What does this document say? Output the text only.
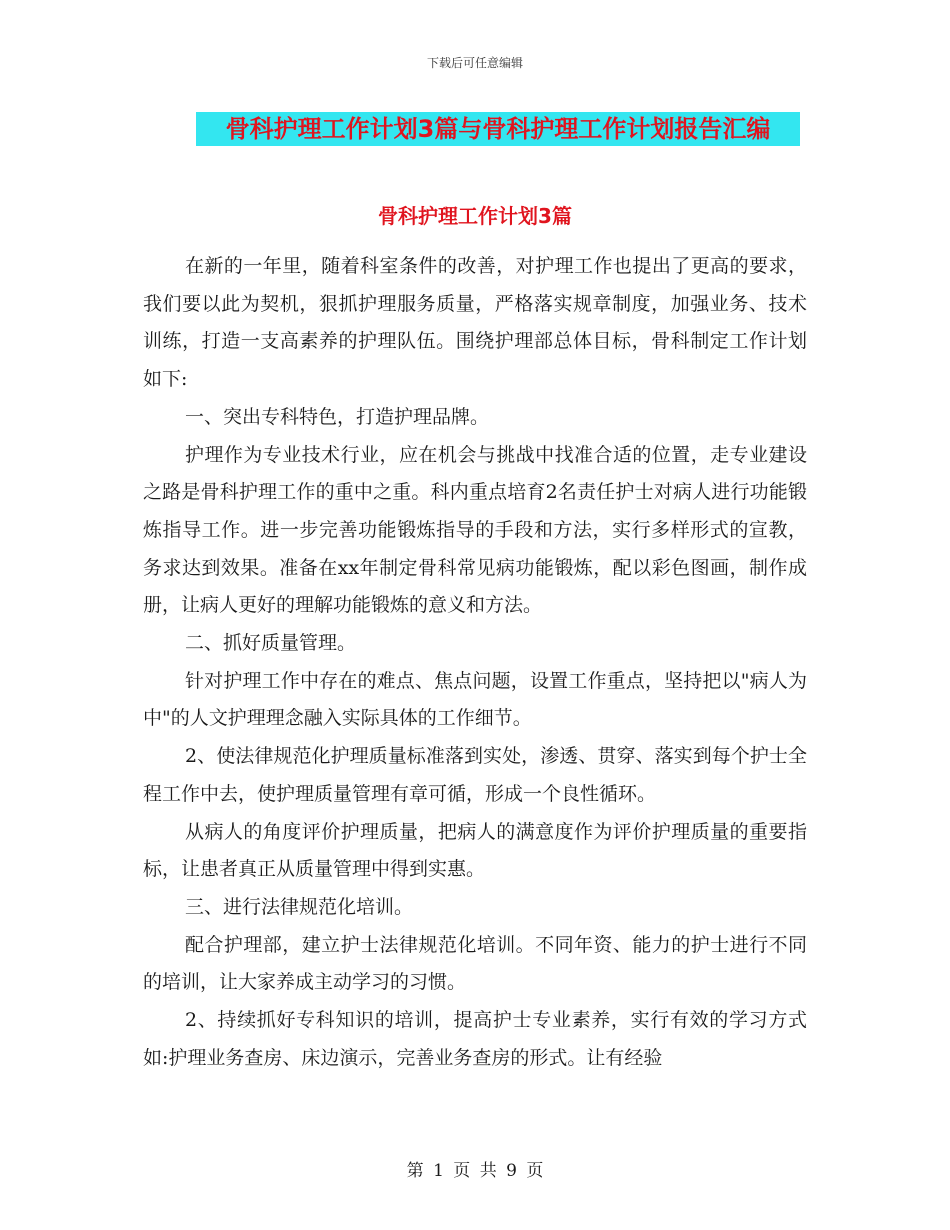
下载后可任意编辑
骨科护理工作计划3篇与骨科护理工作计划报告汇编
骨科护理工作计划3篇

在新的一年里，随着科室条件的改善，对护理工作也提出了更高的要求，我们要以此为契机，狠抓护理服务质量，严格落实规章制度，加强业务、技术训练，打造一支高素养的护理队伍。围绕护理部总体目标，骨科制定工作计划如下:

一、突出专科特色，打造护理品牌。

护理作为专业技术行业，应在机会与挑战中找准合适的位置，走专业建设之路是骨科护理工作的重中之重。科内重点培育2名责任护士对病人进行功能锻炼指导工作。进一步完善功能锻炼指导的手段和方法，实行多样形式的宣教，务求达到效果。准备在xx年制定骨科常见病功能锻炼，配以彩色图画，制作成册，让病人更好的理解功能锻炼的意义和方法。

二、抓好质量管理。

针对护理工作中存在的难点、焦点问题，设置工作重点，坚持把以"病人为中"的人文护理理念融入实际具体的工作细节。

2、使法律规范化护理质量标准落到实处，渗透、贯穿、落实到每个护士全程工作中去，使护理质量管理有章可循，形成一个良性循环。

从病人的角度评价护理质量，把病人的满意度作为评价护理质量的重要指标，让患者真正从质量管理中得到实惠。

三、进行法律规范化培训。

配合护理部，建立护士法律规范化培训。不同年资、能力的护士进行不同的培训，让大家养成主动学习的习惯。

2、持续抓好专科知识的培训，提高护士专业素养，实行有效的学习方式如:护理业务查房、床边演示，完善业务查房的形式。让有经验

第 1 页 共 9 页
